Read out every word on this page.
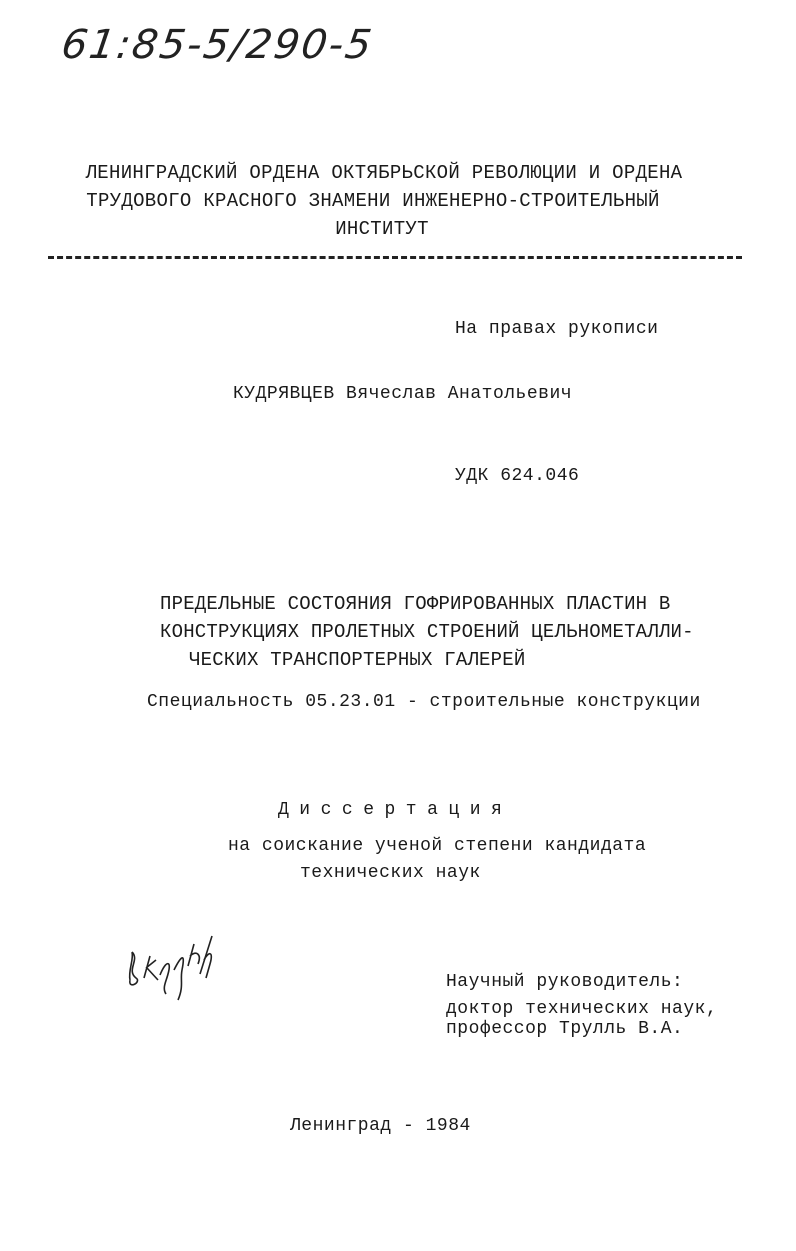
61:85-5/290-5
ЛЕНИНГРАДСКИЙ ОРДЕНА ОКТЯБРЬСКОЙ РЕВОЛЮЦИИ И ОРДЕНА
ТРУДОВОГО КРАСНОГО ЗНАМЕНИ ИНЖЕНЕРНО-СТРОИТЕЛЬНЫЙ
ИНСТИТУТ
На правах рукописи
КУДРЯВЦЕВ Вячеслав Анатольевич
УДК 624.046
ПРЕДЕЛЬНЫЕ СОСТОЯНИЯ ГОФРИРОВАННЫХ ПЛАСТИН В
КОНСТРУКЦИЯХ ПРОЛЕТНЫХ СТРОЕНИЙ ЦЕЛЬНОМЕТАЛЛИ-
ЧЕСКИХ ТРАНСПОРТЕРНЫХ ГАЛЕРЕЙ
Специальность 05.23.01 - строительные конструкции
Диссертация
на соискание ученой степени кандидата
технических наук
Научный руководитель:
доктор технических наук,
профессор Трулль В.А.
Ленинград - 1984
